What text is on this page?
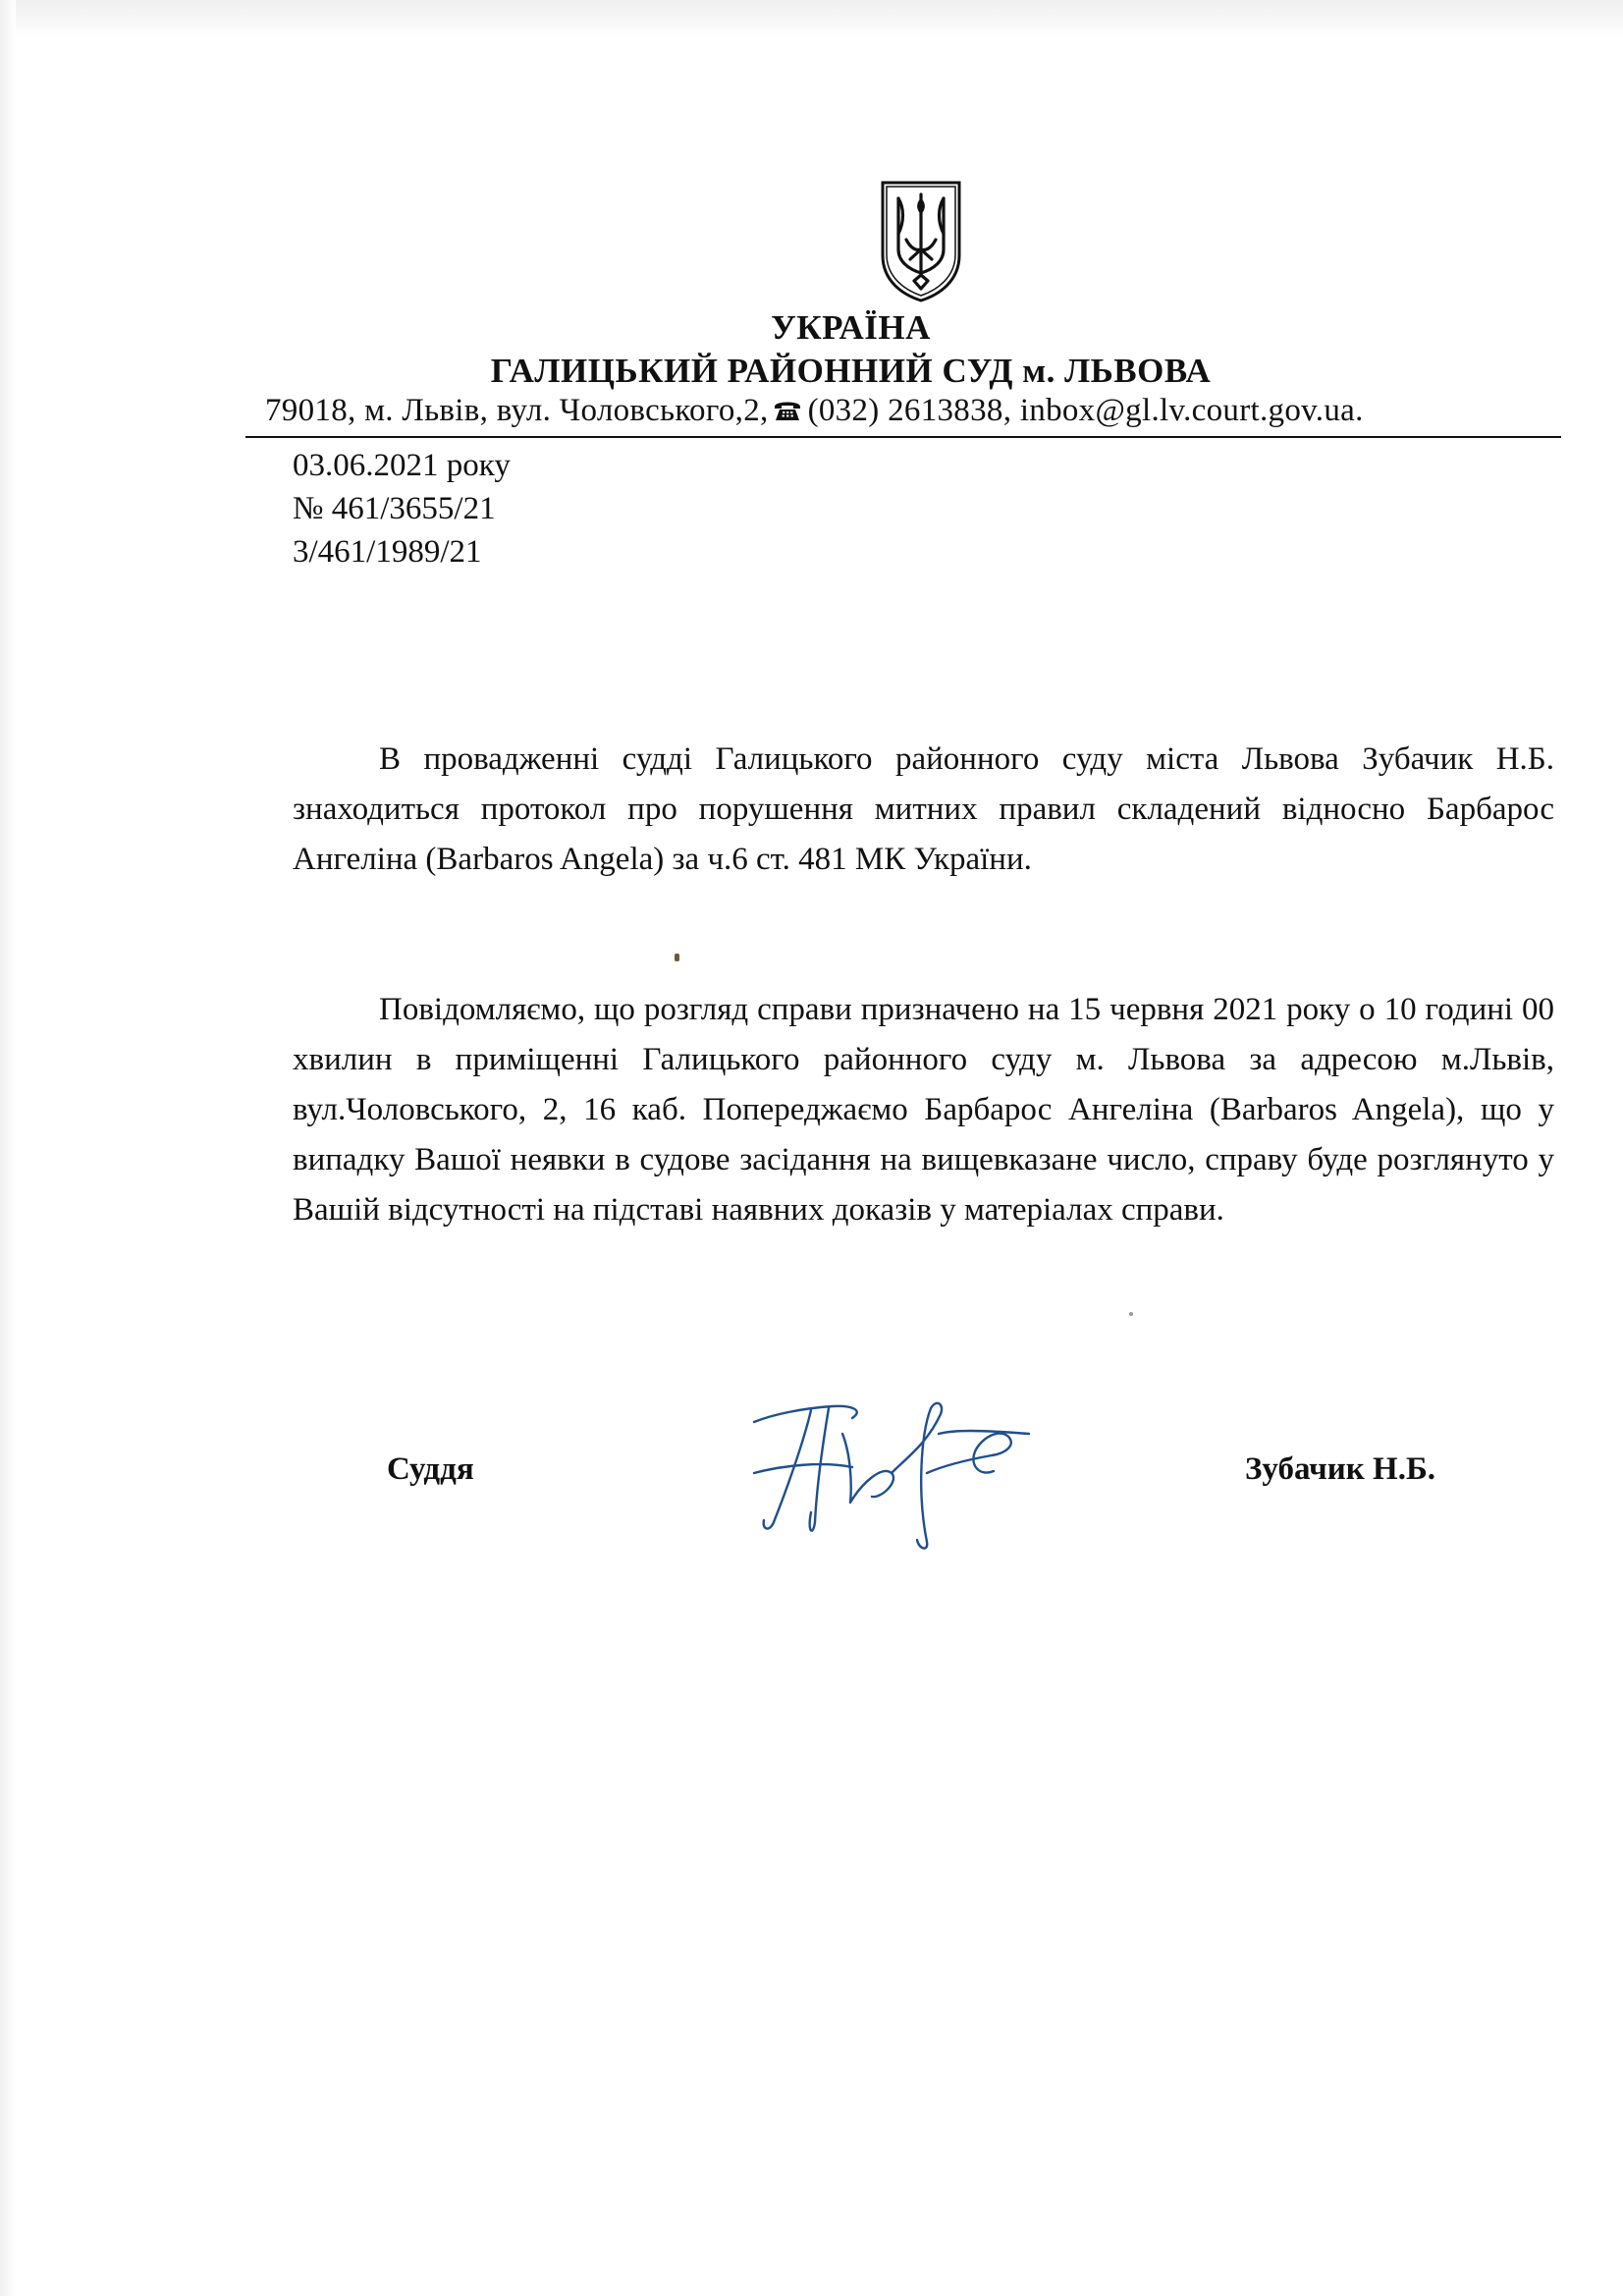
УКРАЇНА
ГАЛИЦЬКИЙ РАЙОННИЙ СУД м. ЛЬВОВА
79018, м. Львів, вул. Чоловського,2, (032) 2613838, inbox@gl.lv.court.gov.ua.
03.06.2021 року
№ 461/3655/21
3/461/1989/21

В провадженні судді Галицького районного суду міста Львова Зубачик Н.Б. знаходиться протокол про порушення митних правил складений відносно Барбарос Ангеліна (Barbaros Angela) за ч.6 ст. 481 МК України.

Повідомляємо, що розгляд справи призначено на 15 червня 2021 року о 10 годині 00 хвилин в приміщенні Галицького районного суду м. Львова за адресою м.Львів, вул.Чоловського, 2, 16 каб. Попереджаємо Барбарос Ангеліна (Barbaros Angela), що у випадку Вашої неявки в судове засідання на вищевказане число, справу буде розглянуто у Вашій відсутності на підставі наявних доказів у матеріалах справи.

Суддя	Зубачик Н.Б.
